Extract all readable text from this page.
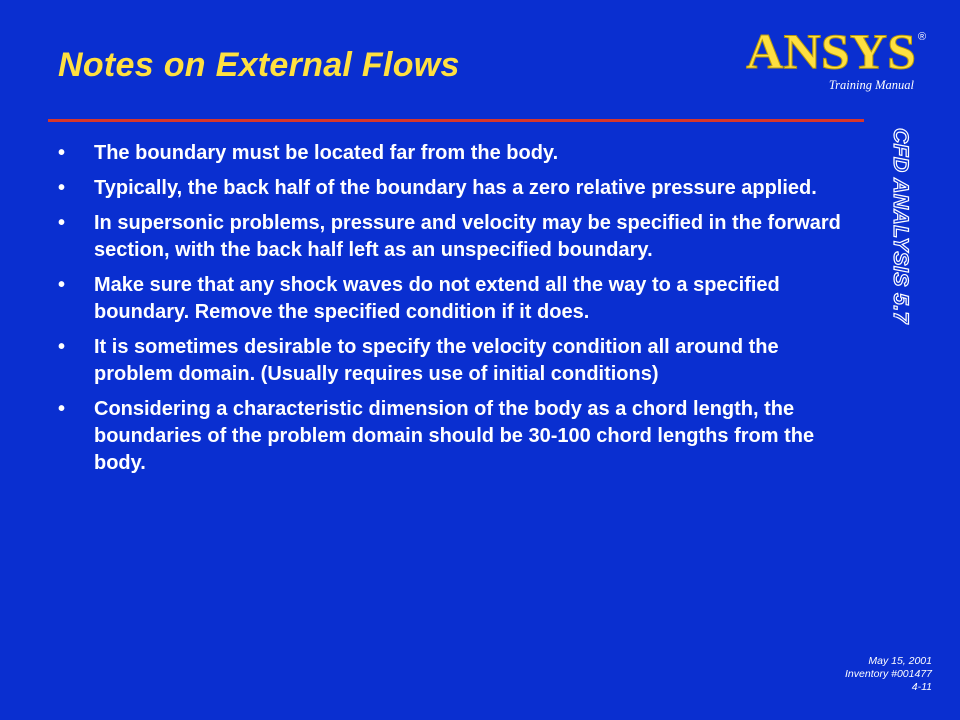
Notes on External Flows	ANSYS ®
Training Manual
CFD ANALYSIS 5.7
•	The boundary must be located far from the body.
•	Typically, the back half of the boundary has a zero relative pressure applied.
•	In supersonic problems, pressure and velocity may be specified in the forward section, with the back half left as an unspecified boundary.
•	Make sure that any shock waves do not extend all the way to a specified boundary. Remove the specified condition if it does.
•	It is sometimes desirable to specify the velocity condition all around the problem domain. (Usually requires use of initial conditions)
•	Considering a characteristic dimension of the body as a chord length, the boundaries of the problem domain should be 30-100 chord lengths from the body.
May 15, 2001
Inventory #001477
4-11
